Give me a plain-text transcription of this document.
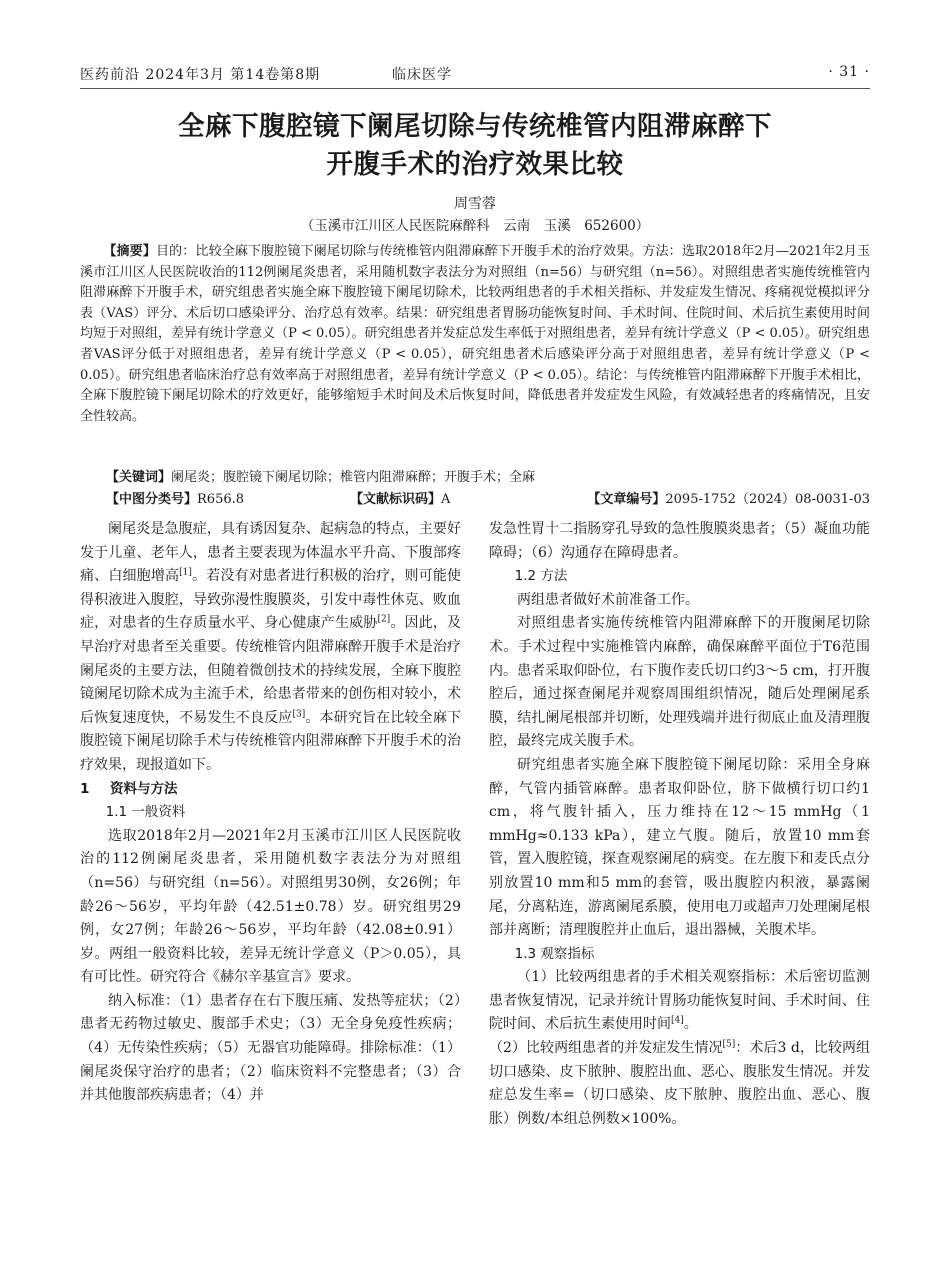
医药前沿 2024年3月 第14卷第8期	临床医学	· 31 ·
全麻下腹腔镜下阑尾切除与传统椎管内阻滞麻醉下
开腹手术的治疗效果比较
周雪蓉
（玉溪市江川区人民医院麻醉科　云南　玉溪　652600）

【摘要】目的：比较全麻下腹腔镜下阑尾切除与传统椎管内阻滞麻醉下开腹手术的治疗效果。方法：选取2018年2月—2021年2月玉溪市江川区人民医院收治的112例阑尾炎患者，采用随机数字表法分为对照组（n=56）与研究组（n=56）。对照组患者实施传统椎管内阻滞麻醉下开腹手术，研究组患者实施全麻下腹腔镜下阑尾切除术，比较两组患者的手术相关指标、并发症发生情况、疼痛视觉模拟评分表（VAS）评分、术后切口感染评分、治疗总有效率。结果：研究组患者胃肠功能恢复时间、手术时间、住院时间、术后抗生素使用时间均短于对照组，差异有统计学意义（P < 0.05）。研究组患者并发症总发生率低于对照组患者，差异有统计学意义（P < 0.05）。研究组患者VAS评分低于对照组患者，差异有统计学意义（P < 0.05），研究组患者术后感染评分高于对照组患者，差异有统计学意义（P < 0.05）。研究组患者临床治疗总有效率高于对照组患者，差异有统计学意义（P < 0.05）。结论：与传统椎管内阻滞麻醉下开腹手术相比，全麻下腹腔镜下阑尾切除术的疗效更好，能够缩短手术时间及术后恢复时间，降低患者并发症发生风险，有效减轻患者的疼痛情况，且安全性较高。

【关键词】阑尾炎；腹腔镜下阑尾切除；椎管内阻滞麻醉；开腹手术；全麻
【中图分类号】R656.8	【文献标识码】A	【文章编号】2095-1752（2024）08-0031-03

阑尾炎是急腹症，具有诱因复杂、起病急的特点，主要好发于儿童、老年人，患者主要表现为体温水平升高、下腹部疼痛、白细胞增高[1]。若没有对患者进行积极的治疗，则可能使得积液进入腹腔，导致弥漫性腹膜炎，引发中毒性休克、败血症，对患者的生存质量水平、身心健康产生威胁[2]。因此，及早治疗对患者至关重要。传统椎管内阻滞麻醉开腹手术是治疗阑尾炎的主要方法，但随着微创技术的持续发展，全麻下腹腔镜阑尾切除术成为主流手术，给患者带来的创伤相对较小，术后恢复速度快，不易发生不良反应[3]。本研究旨在比较全麻下腹腔镜下阑尾切除手术与传统椎管内阻滞麻醉下开腹手术的治疗效果，现报道如下。

1 资料与方法

1.1 一般资料

选取2018年2月—2021年2月玉溪市江川区人民医院收治的112例阑尾炎患者，采用随机数字表法分为对照组（n=56）与研究组（n=56）。对照组男30例，女26例；年龄26～56岁，平均年龄（42.51±0.78）岁。研究组男29例，女27例；年龄26～56岁，平均年龄（42.08±0.91）岁。两组一般资料比较，差异无统计学意义（P＞0.05），具有可比性。研究符合《赫尔辛基宣言》要求。

纳入标准：（1）患者存在右下腹压痛、发热等症状；（2）患者无药物过敏史、腹部手术史；（3）无全身免疫性疾病；（4）无传染性疾病；（5）无器官功能障碍。排除标准：（1）阑尾炎保守治疗的患者；（2）临床资料不完整患者；（3）合并其他腹部疾病患者；（4）并

发急性胃十二指肠穿孔导致的急性腹膜炎患者；（5）凝血功能障碍；（6）沟通存在障碍患者。

1.2 方法

两组患者做好术前准备工作。

对照组患者实施传统椎管内阻滞麻醉下的开腹阑尾切除术。手术过程中实施椎管内麻醉，确保麻醉平面位于T6范围内。患者采取仰卧位，右下腹作麦氏切口约3～5 cm，打开腹腔后，通过探查阑尾并观察周围组织情况，随后处理阑尾系膜，结扎阑尾根部并切断，处理残端并进行彻底止血及清理腹腔，最终完成关腹手术。

研究组患者实施全麻下腹腔镜下阑尾切除：采用全身麻醉，气管内插管麻醉。患者取仰卧位，脐下做横行切口约1 cm，将气腹针插入，压力维持在12～15 mmHg（1 mmHg≈0.133 kPa），建立气腹。随后，放置10 mm套管，置入腹腔镜，探查观察阑尾的病变。在左腹下和麦氏点分别放置10 mm和5 mm的套管，吸出腹腔内积液，暴露阑尾，分离粘连，游离阑尾系膜，使用电刀或超声刀处理阑尾根部并离断；清理腹腔并止血后，退出器械，关腹术毕。

1.3 观察指标

（1）比较两组患者的手术相关观察指标：术后密切监测患者恢复情况，记录并统计胃肠功能恢复时间、手术时间、住院时间、术后抗生素使用时间[4]。

（2）比较两组患者的并发症发生情况[5]：术后3 d，比较两组切口感染、皮下脓肿、腹腔出血、恶心、腹胀发生情况。并发症总发生率=（切口感染、皮下脓肿、腹腔出血、恶心、腹胀）例数/本组总例数×100%。
